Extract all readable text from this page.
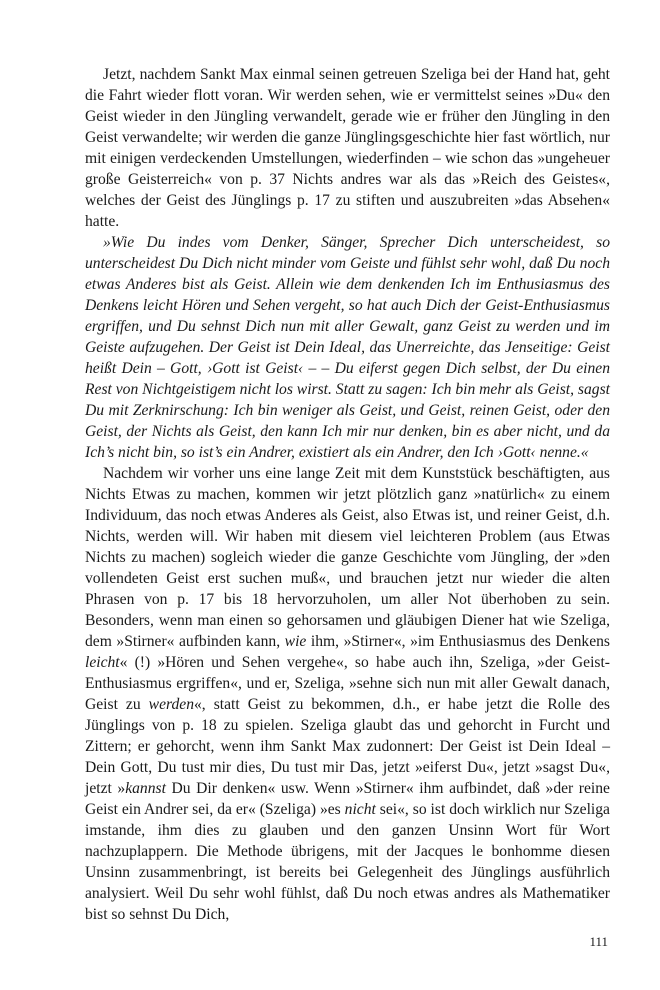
Jetzt, nachdem Sankt Max einmal seinen getreuen Szeliga bei der Hand hat, geht die Fahrt wieder flott voran. Wir werden sehen, wie er vermittelst seines »Du« den Geist wieder in den Jüngling verwandelt, gerade wie er früher den Jüngling in den Geist verwandelte; wir werden die ganze Jünglingsgeschichte hier fast wörtlich, nur mit einigen verdeckenden Umstellungen, wiederfinden – wie schon das »ungeheuer große Geisterreich« von p. 37 Nichts andres war als das »Reich des Geistes«, welches der Geist des Jünglings p. 17 zu stiften und auszubreiten »das Absehen« hatte.

»Wie Du indes vom Denker, Sänger, Sprecher Dich unterscheidest, so unterscheidest Du Dich nicht minder vom Geiste und fühlst sehr wohl, daß Du noch etwas Anderes bist als Geist. Allein wie dem denkenden Ich im Enthusiasmus des Denkens leicht Hören und Sehen vergeht, so hat auch Dich der Geist-Enthusiasmus ergriffen, und Du sehnst Dich nun mit aller Gewalt, ganz Geist zu werden und im Geiste aufzugehen. Der Geist ist Dein Ideal, das Unerreichte, das Jenseitige: Geist heißt Dein – Gott, ›Gott ist Geist‹ – – Du eiferst gegen Dich selbst, der Du einen Rest von Nichtgeistigem nicht los wirst. Statt zu sagen: Ich bin mehr als Geist, sagst Du mit Zerknirschung: Ich bin weniger als Geist, und Geist, reinen Geist, oder den Geist, der Nichts als Geist, den kann Ich mir nur denken, bin es aber nicht, und da Ich’s nicht bin, so ist’s ein Andrer, existiert als ein Andrer, den Ich ›Gott‹ nenne.«

Nachdem wir vorher uns eine lange Zeit mit dem Kunststück beschäftigten, aus Nichts Etwas zu machen, kommen wir jetzt plötzlich ganz »natürlich« zu einem Individuum, das noch etwas Anderes als Geist, also Etwas ist, und reiner Geist, d.h. Nichts, werden will. Wir haben mit diesem viel leichteren Problem (aus Etwas Nichts zu machen) sogleich wieder die ganze Geschichte vom Jüngling, der »den vollendeten Geist erst suchen muß«, und brauchen jetzt nur wieder die alten Phrasen von p. 17 bis 18 hervorzuholen, um aller Not überhoben zu sein. Besonders, wenn man einen so gehorsamen und gläubigen Diener hat wie Szeliga, dem »Stirner« aufbinden kann, wie ihm, »Stirner«, »im Enthusiasmus des Denkens leicht« (!) »Hören und Sehen vergehe«, so habe auch ihn, Szeliga, »der Geist-Enthusiasmus ergriffen«, und er, Szeliga, »sehne sich nun mit aller Gewalt danach, Geist zu werden«, statt Geist zu bekommen, d.h., er habe jetzt die Rolle des Jünglings von p. 18 zu spielen. Szeliga glaubt das und gehorcht in Furcht und Zittern; er gehorcht, wenn ihm Sankt Max zudonnert: Der Geist ist Dein Ideal – Dein Gott, Du tust mir dies, Du tust mir Das, jetzt »eiferst Du«, jetzt »sagst Du«, jetzt »kannst Du Dir denken« usw. Wenn »Stirner« ihm aufbindet, daß »der reine Geist ein Andrer sei, da er« (Szeliga) »es nicht sei«, so ist doch wirklich nur Szeliga imstande, ihm dies zu glauben und den ganzen Unsinn Wort für Wort nachzuplappern. Die Methode übrigens, mit der Jacques le bonhomme diesen Unsinn zusammenbringt, ist bereits bei Gelegenheit des Jünglings ausführlich analysiert. Weil Du sehr wohl fühlst, daß Du noch etwas andres als Mathematiker bist so sehnst Du Dich,

111
